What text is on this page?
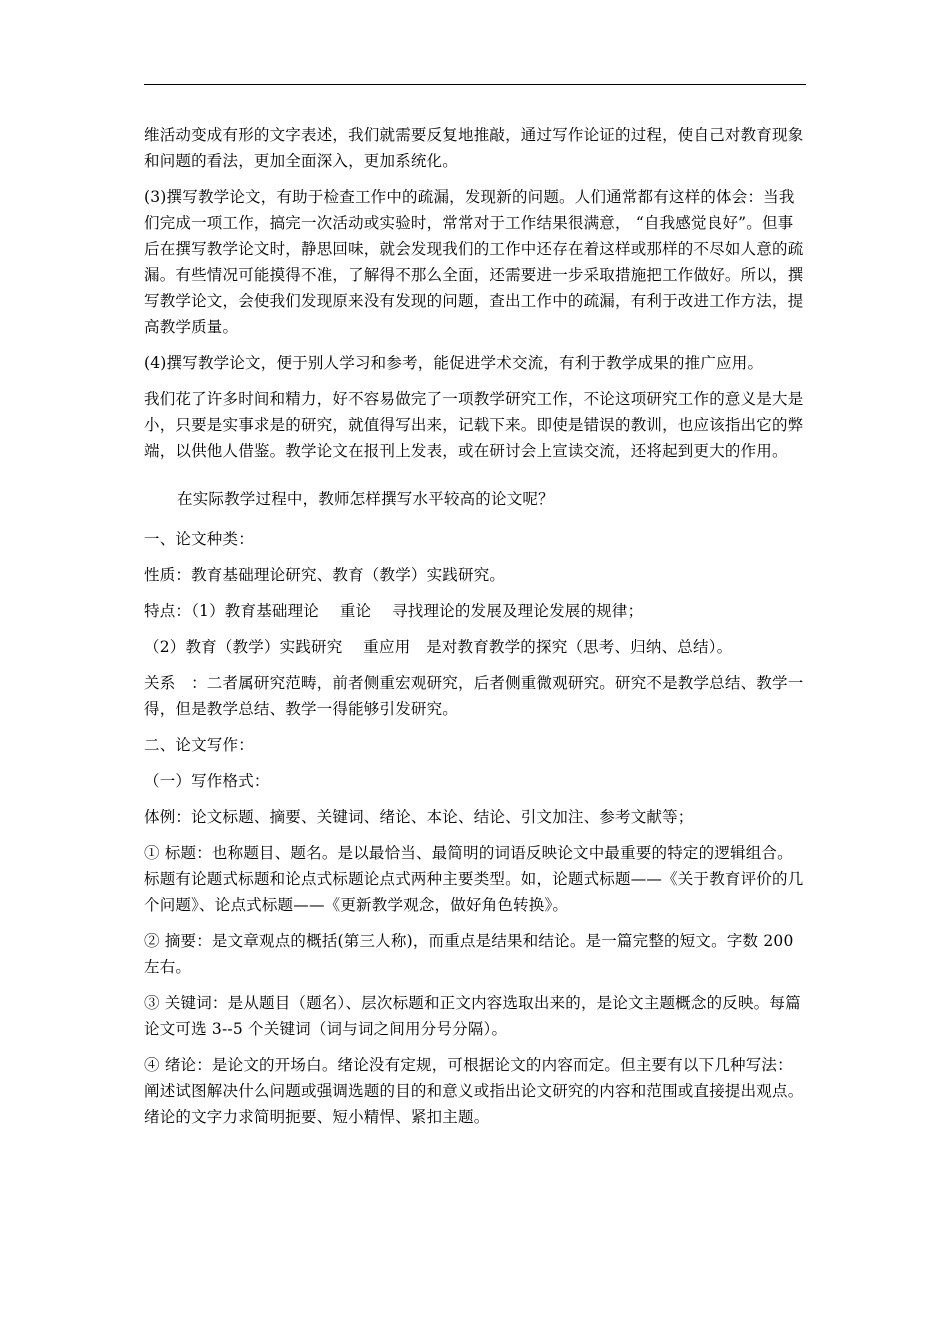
维活动变成有形的文字表述，我们就需要反复地推敲，通过写作论证的过程，使自己对教育现象和问题的看法，更加全面深入，更加系统化。

(3)撰写教学论文，有助于检查工作中的疏漏，发现新的问题。人们通常都有这样的体会：当我们完成一项工作，搞完一次活动或实验时，常常对于工作结果很满意， “自我感觉良好”。但事后在撰写教学论文时，静思回味，就会发现我们的工作中还存在着这样或那样的不尽如人意的疏漏。有些情况可能摸得不准，了解得不那么全面，还需要进一步采取措施把工作做好。所以，撰写教学论文，会使我们发现原来没有发现的问题，查出工作中的疏漏，有利于改进工作方法，提高教学质量。

(4)撰写教学论文，便于别人学习和参考，能促进学术交流，有利于教学成果的推广应用。

我们花了许多时间和精力，好不容易做完了一项教学研究工作，不论这项研究工作的意义是大是小，只要是实事求是的研究，就值得写出来，记载下来。即使是错误的教训，也应该指出它的弊端，以供他人借鉴。教学论文在报刊上发表，或在研讨会上宣读交流，还将起到更大的作用。

在实际教学过程中，教师怎样撰写水平较高的论文呢？

一、论文种类：

性质：教育基础理论研究、教育（教学）实践研究。

特点：（1）教育基础理论　 重论　 寻找理论的发展及理论发展的规律；

（2）教育（教学）实践研究　 重应用　是对教育教学的探究（思考、归纳、总结）。

关系　：二者属研究范畴，前者侧重宏观研究，后者侧重微观研究。研究不是教学总结、教学一得，但是教学总结、教学一得能够引发研究。

二、论文写作：

（一）写作格式：

体例：论文标题、摘要、关键词、绪论、本论、结论、引文加注、参考文献等；

① 标题：也称题目、题名。是以最恰当、最简明的词语反映论文中最重要的特定的逻辑组合。标题有论题式标题和论点式标题论点式两种主要类型。如，论题式标题——《关于教育评价的几个问题》、论点式标题——《更新教学观念，做好角色转换》。

② 摘要：是文章观点的概括(第三人称)，而重点是结果和结论。是一篇完整的短文。字数 200 左右。

③ 关键词：是从题目（题名）、层次标题和正文内容选取出来的，是论文主题概念的反映。每篇论文可选 3--5 个关键词（词与词之间用分号分隔）。

④ 绪论：是论文的开场白。绪论没有定规，可根据论文的内容而定。但主要有以下几种写法：阐述试图解决什么问题或强调选题的目的和意义或指出论文研究的内容和范围或直接提出观点。绪论的文字力求简明扼要、短小精悍、紧扣主题。
